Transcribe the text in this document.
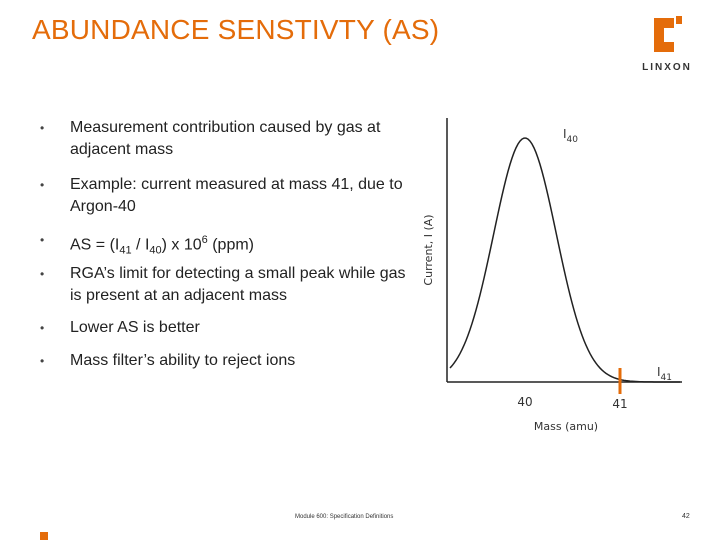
ABUNDANCE SENSTIVTY (AS)
LINXON
• Measurement contribution caused by gas at adjacent mass
• Example: current measured at mass 41, due to Argon-40
• AS = $(I_{41} / I_{40})$ x $10^6$ (ppm)
• RGA’s limit for detecting a small peak while gas is present at an adjacent mass
• Lower AS is better
• Mass filter’s ability to reject ions
Current, I (A)
40	41
Mass (amu)
$I_{40}$
$I_{41}$
Module 600: Specification Definitions	42
